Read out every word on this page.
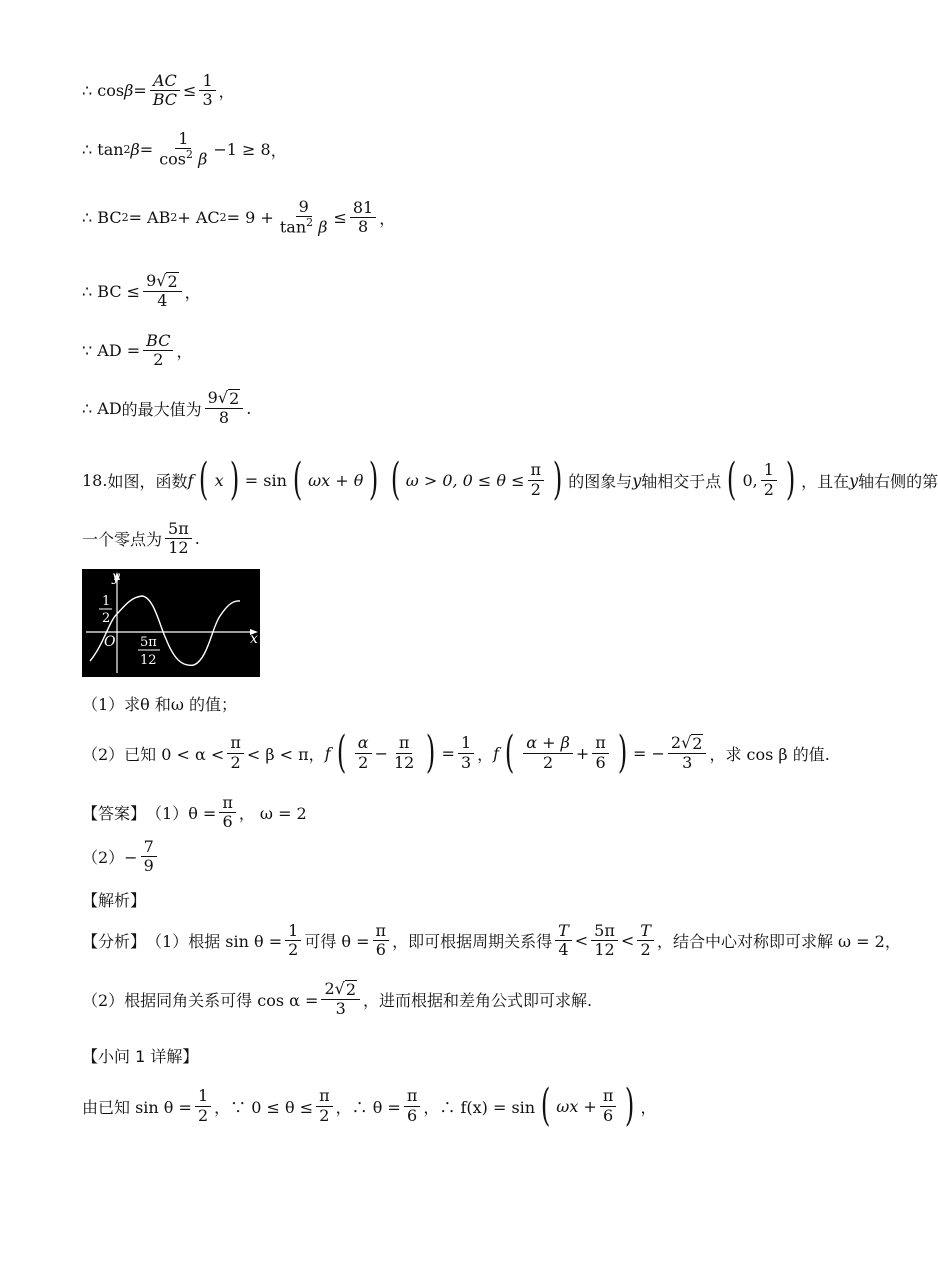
∴ $\cos \beta = \frac{AC}{BC} \le \frac{1}{3}$ ，
∴ tan 2 $\beta = \frac{1}{\cos^2 \beta} -1 \ge 8$ ，
∴ BC 2 = AB 2 + AC $2 = 9 + \frac{9}{\tan^2 \beta} \le \frac{81}{8}$ ，
∴ BC ≤ $\frac{9√ 2}{4}$ ，
∵ AD = $\frac{BC}{2}$ ，
∴ AD 的最大值为 $\frac{9√ 2}{8}$ .
18. 如图，函数 f ( x ) = sin ( ωx + θ ) ( ω > 0, $0 \le \theta \le \frac{\pi}{2}$ ) 的图象与 y 轴相交于点 ( 0, $\frac{1}{2}$ ) ，且在 y 轴右侧的第
一个零点为 $\frac{5\pi}{12}$ .
y
x
O
1
2
5π
12
（1）求θ 和ω 的值；
（2）已知 $0 < \alpha < \frac{\pi}{2} < \beta < \pi$， f ( $\frac{\alpha}{2} - \frac{\pi}{12}$ ) = $\frac{1}{3}$ ， f ( $\frac{\alpha + \beta}{2} + \frac{\pi}{6}$ ) = − $\frac{2√ 2}{3}$ ，求 cos β 的值.
【答案】 $(1)\theta = \frac{\pi}{6}$ ， ω = 2
$(2)- \frac{7}{9}$
【解析】
【分析】 （1）根据 $\sin \theta = \frac{1}{2}$ 可得 $\theta = \frac{\pi}{6}$ ，即可根据周期关系得 $\frac{T}{4} < \frac{5\pi}{12} < \frac{T}{2}$ ，结合中心对称即可求解 ω = 2，
（2）根据同角关系可得 $\cos \alpha = \frac{2√ 2}{3}$ ，进而根据和差角公式即可求解.
【小问 1 详解】
由已知 $\sin \theta = \frac{1}{2}$ ，∵ $0 \le \theta \le \frac{\pi}{2}$ ，∴ $\theta = \frac{\pi}{6}$ ，∴ f(x) = sin ( $\omega x + \frac{\pi}{6}$ ) ，
